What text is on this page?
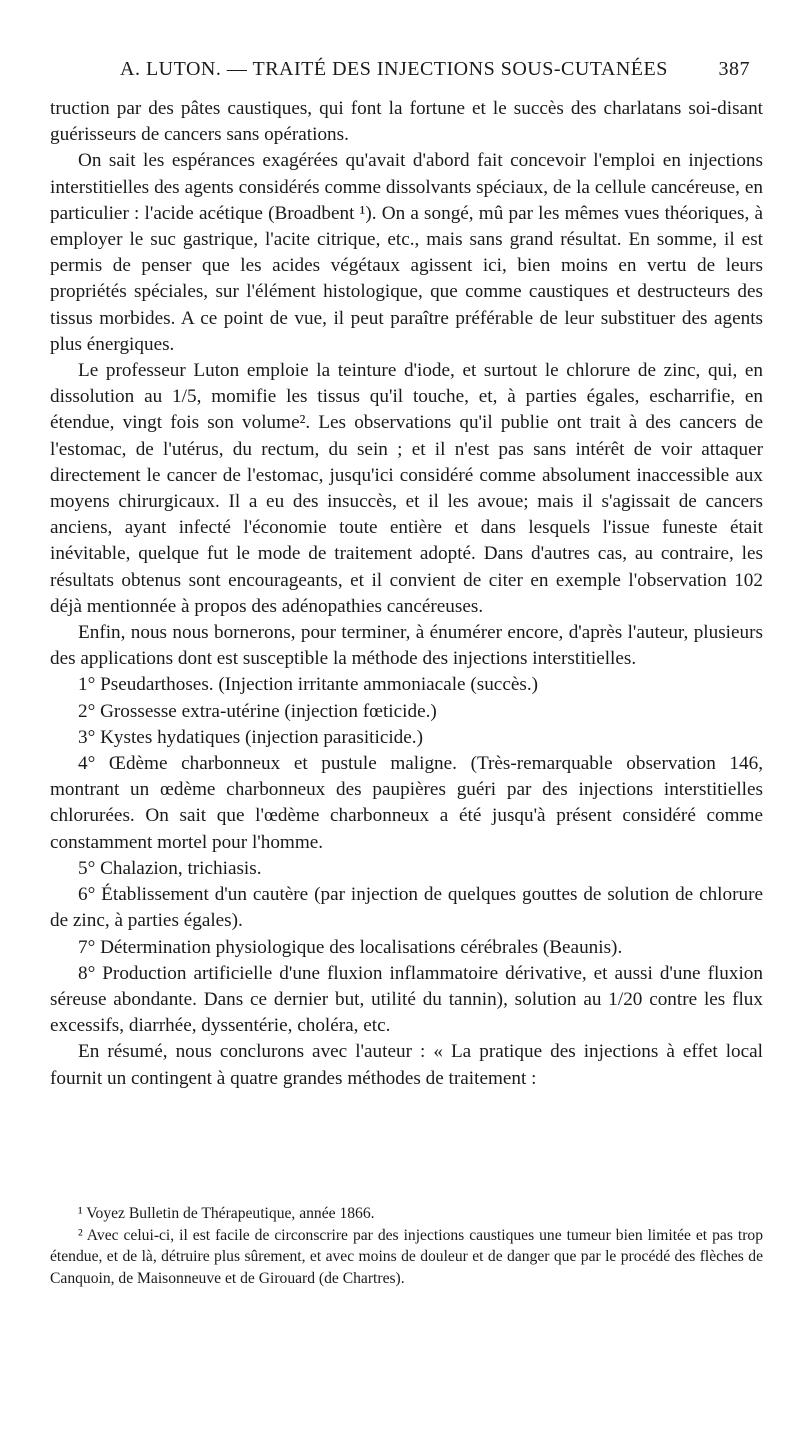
A. LUTON. — TRAITÉ DES INJECTIONS SOUS-CUTANÉES	387

truction par des pâtes caustiques, qui font la fortune et le succès des charlatans soi-disant guérisseurs de cancers sans opérations.

On sait les espérances exagérées qu'avait d'abord fait concevoir l'emploi en injections interstitielles des agents considérés comme dissolvants spéciaux, de la cellule cancéreuse, en particulier : l'acide acétique (Broadbent ¹). On a songé, mû par les mêmes vues théoriques, à employer le suc gastrique, l'acite citrique, etc., mais sans grand résultat. En somme, il est permis de penser que les acides végétaux agissent ici, bien moins en vertu de leurs propriétés spéciales, sur l'élément histologique, que comme caustiques et destructeurs des tissus morbides. A ce point de vue, il peut paraître préférable de leur substituer des agents plus énergiques.

Le professeur Luton emploie la teinture d'iode, et surtout le chlorure de zinc, qui, en dissolution au 1/5, momifie les tissus qu'il touche, et, à parties égales, escharrifie, en étendue, vingt fois son volume². Les observations qu'il publie ont trait à des cancers de l'estomac, de l'utérus, du rectum, du sein ; et il n'est pas sans intérêt de voir attaquer directement le cancer de l'estomac, jusqu'ici considéré comme absolument inaccessible aux moyens chirurgicaux. Il a eu des insuccès, et il les avoue; mais il s'agissait de cancers anciens, ayant infecté l'économie toute entière et dans lesquels l'issue funeste était inévitable, quelque fut le mode de traitement adopté. Dans d'autres cas, au contraire, les résultats obtenus sont encourageants, et il convient de citer en exemple l'observation 102 déjà mentionnée à propos des adénopathies cancéreuses.

Enfin, nous nous bornerons, pour terminer, à énumérer encore, d'après l'auteur, plusieurs des applications dont est susceptible la méthode des injections interstitielles.

1° Pseudarthoses. (Injection irritante ammoniacale (succès.)

2° Grossesse extra-utérine (injection fœticide.)

3° Kystes hydatiques (injection parasiticide.)

4° Œdème charbonneux et pustule maligne. (Très-remarquable observation 146, montrant un œdème charbonneux des paupières guéri par des injections interstitielles chlorurées. On sait que l'œdème charbonneux a été jusqu'à présent considéré comme constamment mortel pour l'homme.

5° Chalazion, trichiasis.

6° Établissement d'un cautère (par injection de quelques gouttes de solution de chlorure de zinc, à parties égales).

7° Détermination physiologique des localisations cérébrales (Beaunis).

8° Production artificielle d'une fluxion inflammatoire dérivative, et aussi d'une fluxion séreuse abondante. Dans ce dernier but, utilité du tannin), solution au 1/20 contre les flux excessifs, diarrhée, dyssentérie, choléra, etc.

En résumé, nous conclurons avec l'auteur : « La pratique des injections à effet local fournit un contingent à quatre grandes méthodes de traitement :

¹ Voyez Bulletin de Thérapeutique, année 1866.

² Avec celui-ci, il est facile de circonscrire par des injections caustiques une tumeur bien limitée et pas trop étendue, et de là, détruire plus sûrement, et avec moins de douleur et de danger que par le procédé des flèches de Canquoin, de Maisonneuve et de Girouard (de Chartres).
